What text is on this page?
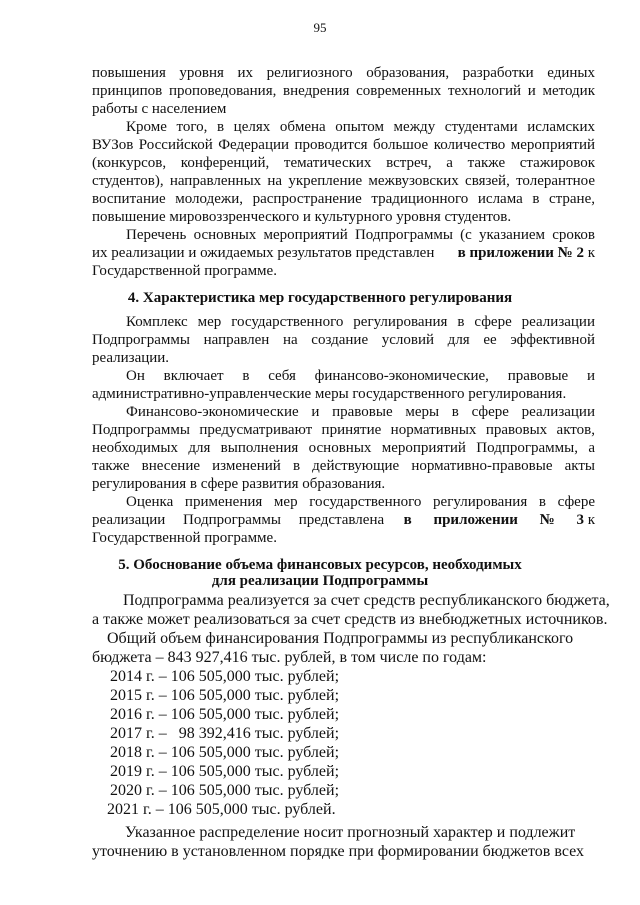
95
повышения уровня их религиозного образования, разработки единых
принципов проповедования, внедрения современных технологий и методик
работы с населением
Кроме того, в целях обмена опытом между студентами исламских
ВУЗов Российской Федерации проводится большое количество мероприятий
(конкурсов, конференций, тематических встреч, а также стажировок
студентов), направленных на укрепление межвузовских связей, толерантное
воспитание молодежи, распространение традиционного ислама в стране,
повышение мировоззренческого и культурного уровня студентов.
Перечень основных мероприятий Подпрограммы (с указанием сроков
их реализации и ожидаемых результатов представлен в приложении № 2 к
Государственной программе.
4. Характеристика мер государственного регулирования
Комплекс мер государственного регулирования в сфере реализации
Подпрограммы направлен на создание условий для ее эффективной
реализации.
Он включает в себя финансово-экономические, правовые и
административно-управленческие меры государственного регулирования.
Финансово-экономические и правовые меры в сфере реализации
Подпрограммы предусматривают принятие нормативных правовых актов,
необходимых для выполнения основных мероприятий Подпрограммы, а
также внесение изменений в действующие нормативно-правовые акты
регулирования в сфере развития образования.
Оценка применения мер государственного регулирования в сфере
реализации Подпрограммы представлена в приложении № 3 к
Государственной программе.
5. Обоснование объема финансовых ресурсов, необходимых
для реализации Подпрограммы
Подпрограмма реализуется за счет средств республиканского бюджета,
а также может реализоваться за счет средств из внебюджетных источников.
Общий объем финансирования Подпрограммы из республиканского
бюджета – 843 927,416 тыс. рублей, в том числе по годам:
2014 г. – 106 505,000 тыс. рублей;
2015 г. – 106 505,000 тыс. рублей;
2016 г. – 106 505,000 тыс. рублей;
2017 г. –   98 392,416 тыс. рублей;
2018 г. – 106 505,000 тыс. рублей;
2019 г. – 106 505,000 тыс. рублей;
2020 г. – 106 505,000 тыс. рублей;
2021 г. – 106 505,000 тыс. рублей.
Указанное распределение носит прогнозный характер и подлежит
уточнению в установленном порядке при формировании бюджетов всех
